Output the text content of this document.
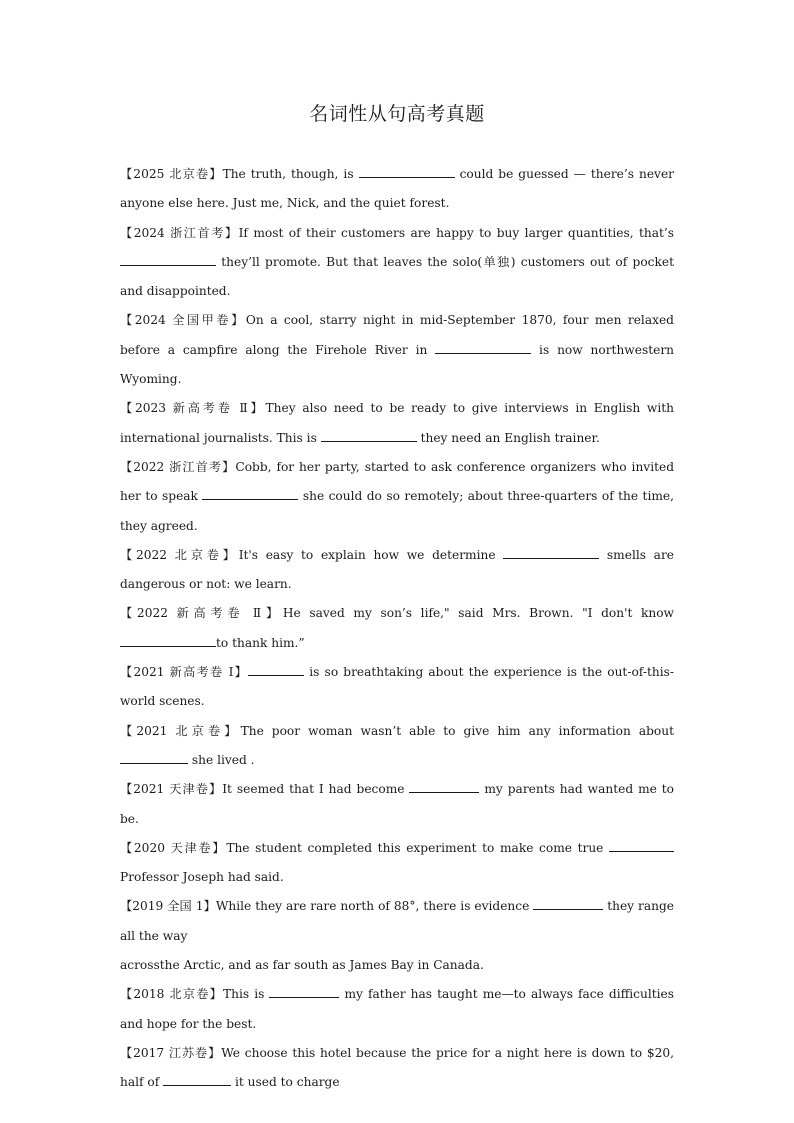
名词性从句高考真题

【2025 北京卷】The truth, though, is	could be guessed — there’s never anyone else here. Just me, Nick, and the quiet forest.

【2024 浙江首考】If most of their customers are happy to buy larger quantities, that’s  they’ll promote. But that leaves the solo(单独) customers out of pocket and disappointed.

【2024 全国甲卷】On a cool, starry night in mid-September 1870, four men relaxed before a campfire along the Firehole River in	is now northwestern Wyoming.

【2023 新高考卷 Ⅱ】They also need to be ready to give interviews in English with international journalists. This is	they need an English trainer.

【2022 浙江首考】Cobb, for her party, started to ask conference organizers who invited her to speak	she could do so remotely; about three-quarters of the time, they agreed.

【2022 北京卷】It's easy to explain how we determine	smells are dangerous or not: we learn.

【2022 新高考卷 Ⅱ】He saved my son’s life," said Mrs. Brown. "I don't know to thank him.”

【2021 新高考卷 I】	is so breathtaking about the experience is the out-of-this-world scenes.

【2021 北京卷】The poor woman wasn’t able to give him any information about  she lived .

【2021 天津卷】It seemed that I had become	my parents had wanted me to be.

【2020 天津卷】The student completed this experiment to make come true  Professor Joseph had said.

【2019 全国 1】While they are rare north of 88°, there is evidence	they range all the way
acrossthe Arctic, and as far south as James Bay in Canada.

【2018 北京卷】This is	my father has taught me—to always face difficulties and hope for the best.

【2017 江苏卷】We choose this hotel because the price for a night here is down to $20, half of	it used to charge
